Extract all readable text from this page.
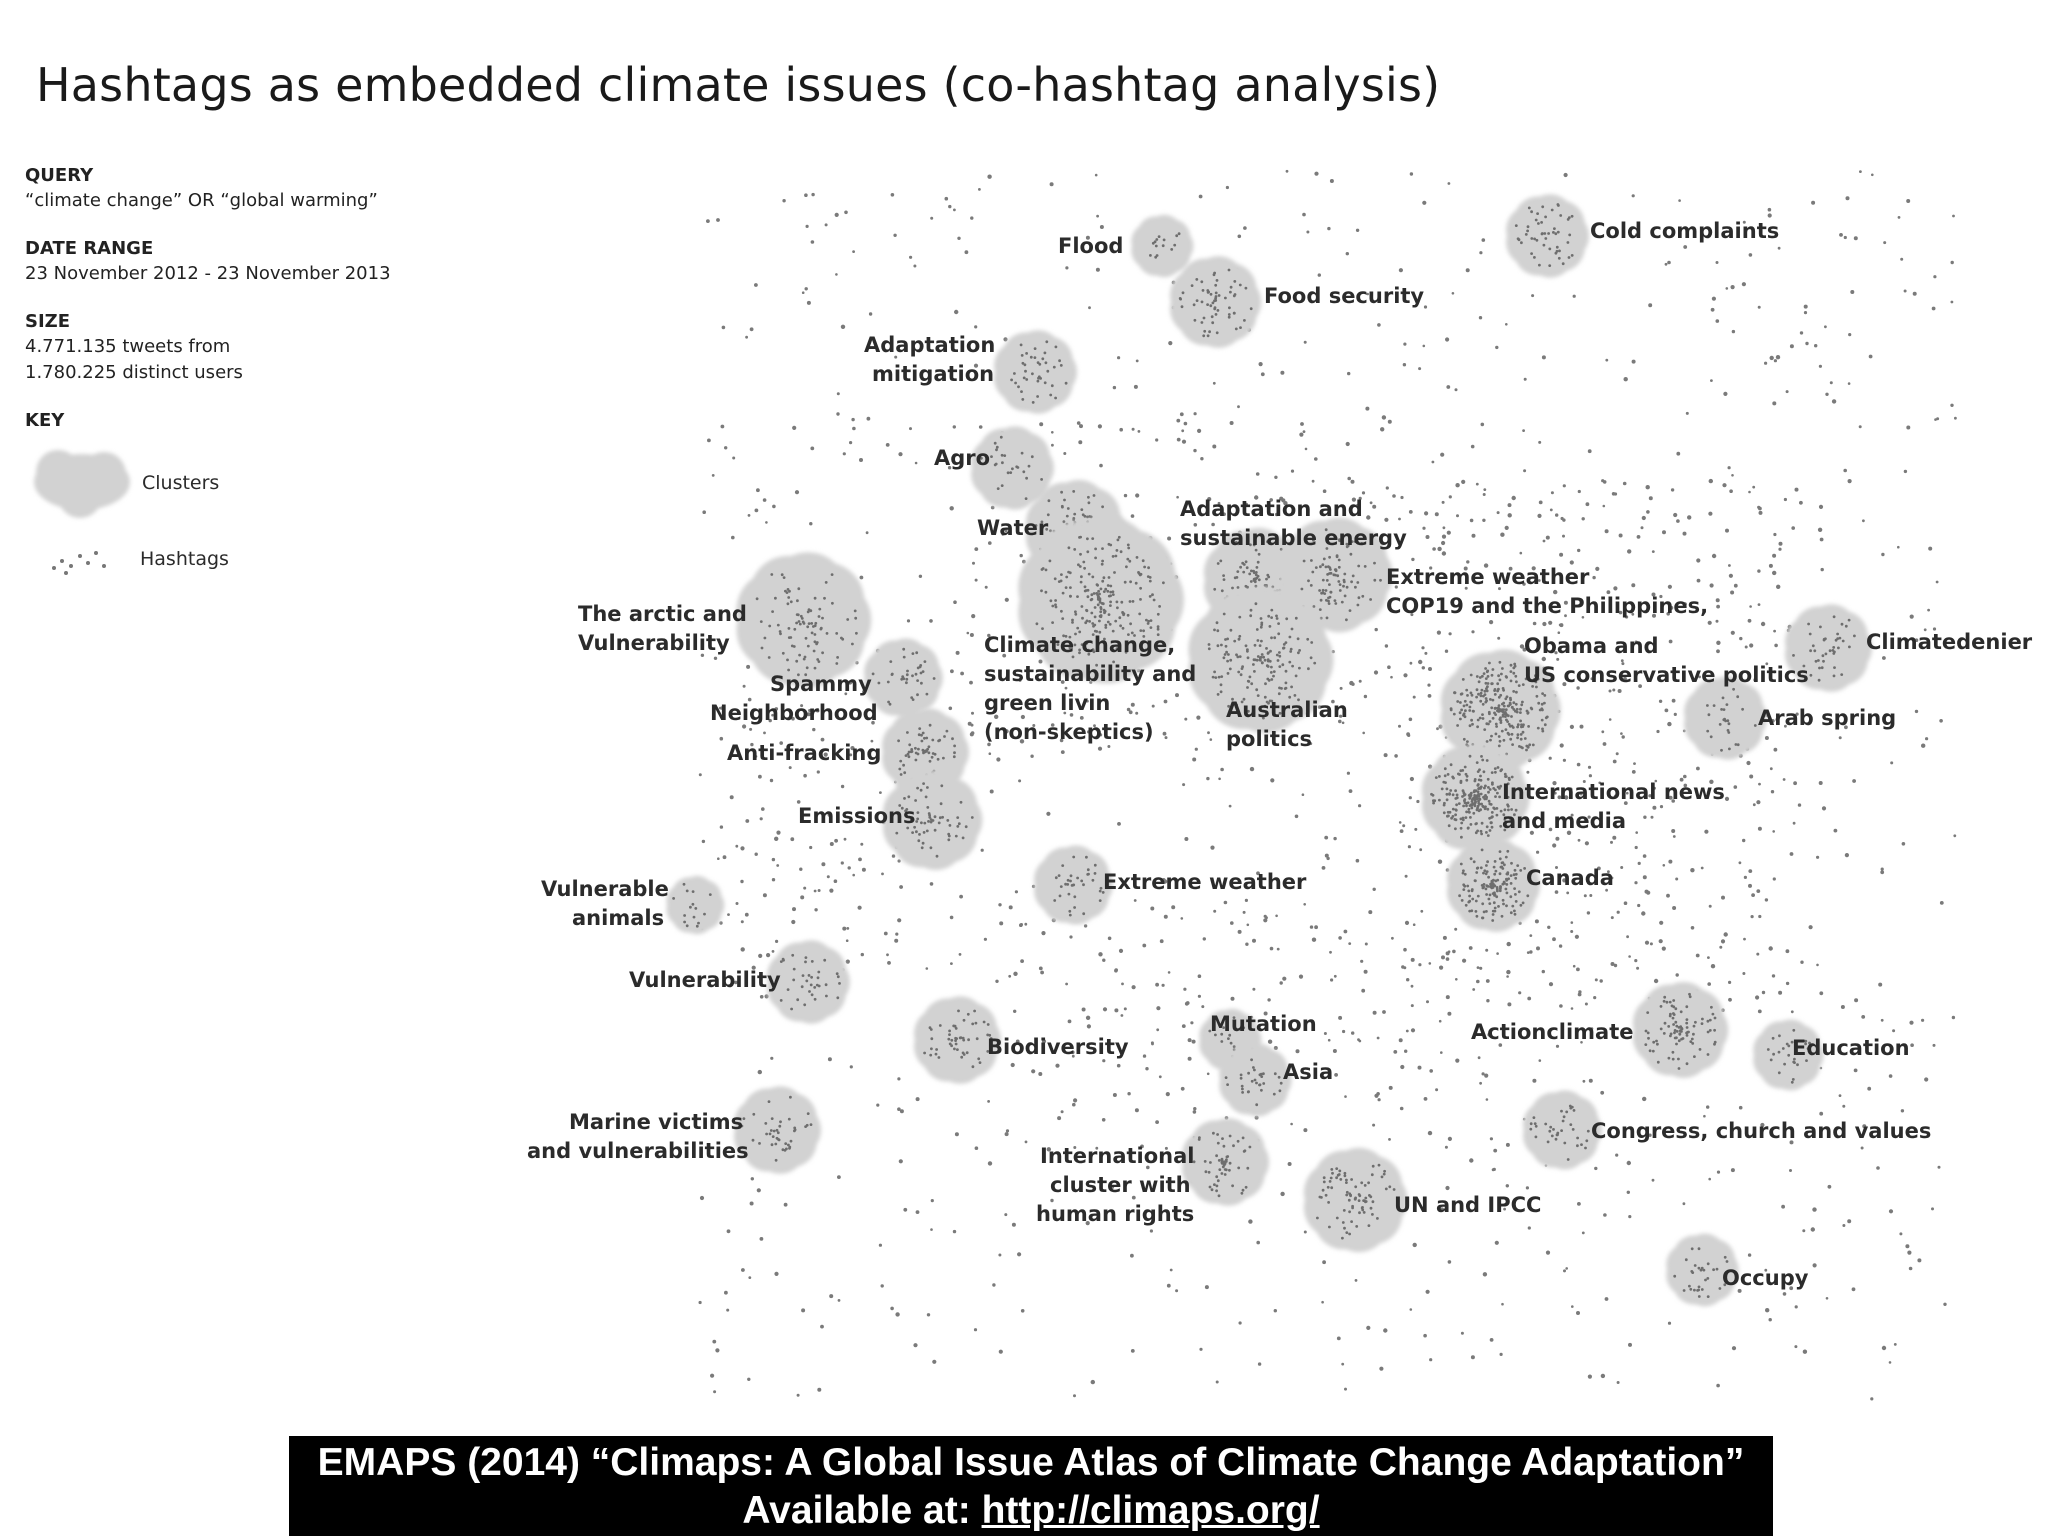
Hashtags as embedded climate issues (co-hashtag analysis)

QUERY

“climate change” OR “global warming”

DATE RANGE

23 November 2012 - 23 November 2013

SIZE

4.771.135 tweets from

1.780.225 distinct users

KEY

Clusters
Hashtags
Flood
Food security
Cold complaints
Adaptation
mitigation
Agro
Water
Adaptation and
sustainable energy
Extreme weather
COP19 and the Philippines,
The arctic and
Vulnerability	Climate change,
sustainability and
green livin
(non-skeptics)
Obama and
US conservative politics
Climatedenier
Spammy
Neighborhood	Australian
politics
Arab spring
Anti-fracking
International news
and media
Emissions
Extreme weather	Canada
Vulnerable
animals
Vulnerability
Mutation	Actionclimate
Biodiversity
Asia
Education
Marine victims
and vulnerabilities
Congress, church and values
International
cluster with
human rights	UN and IPCC
Occupy
EMAPS (2014) “Climaps: A Global Issue Atlas of Climate Change Adaptation”
Available at: http://climaps.org/
